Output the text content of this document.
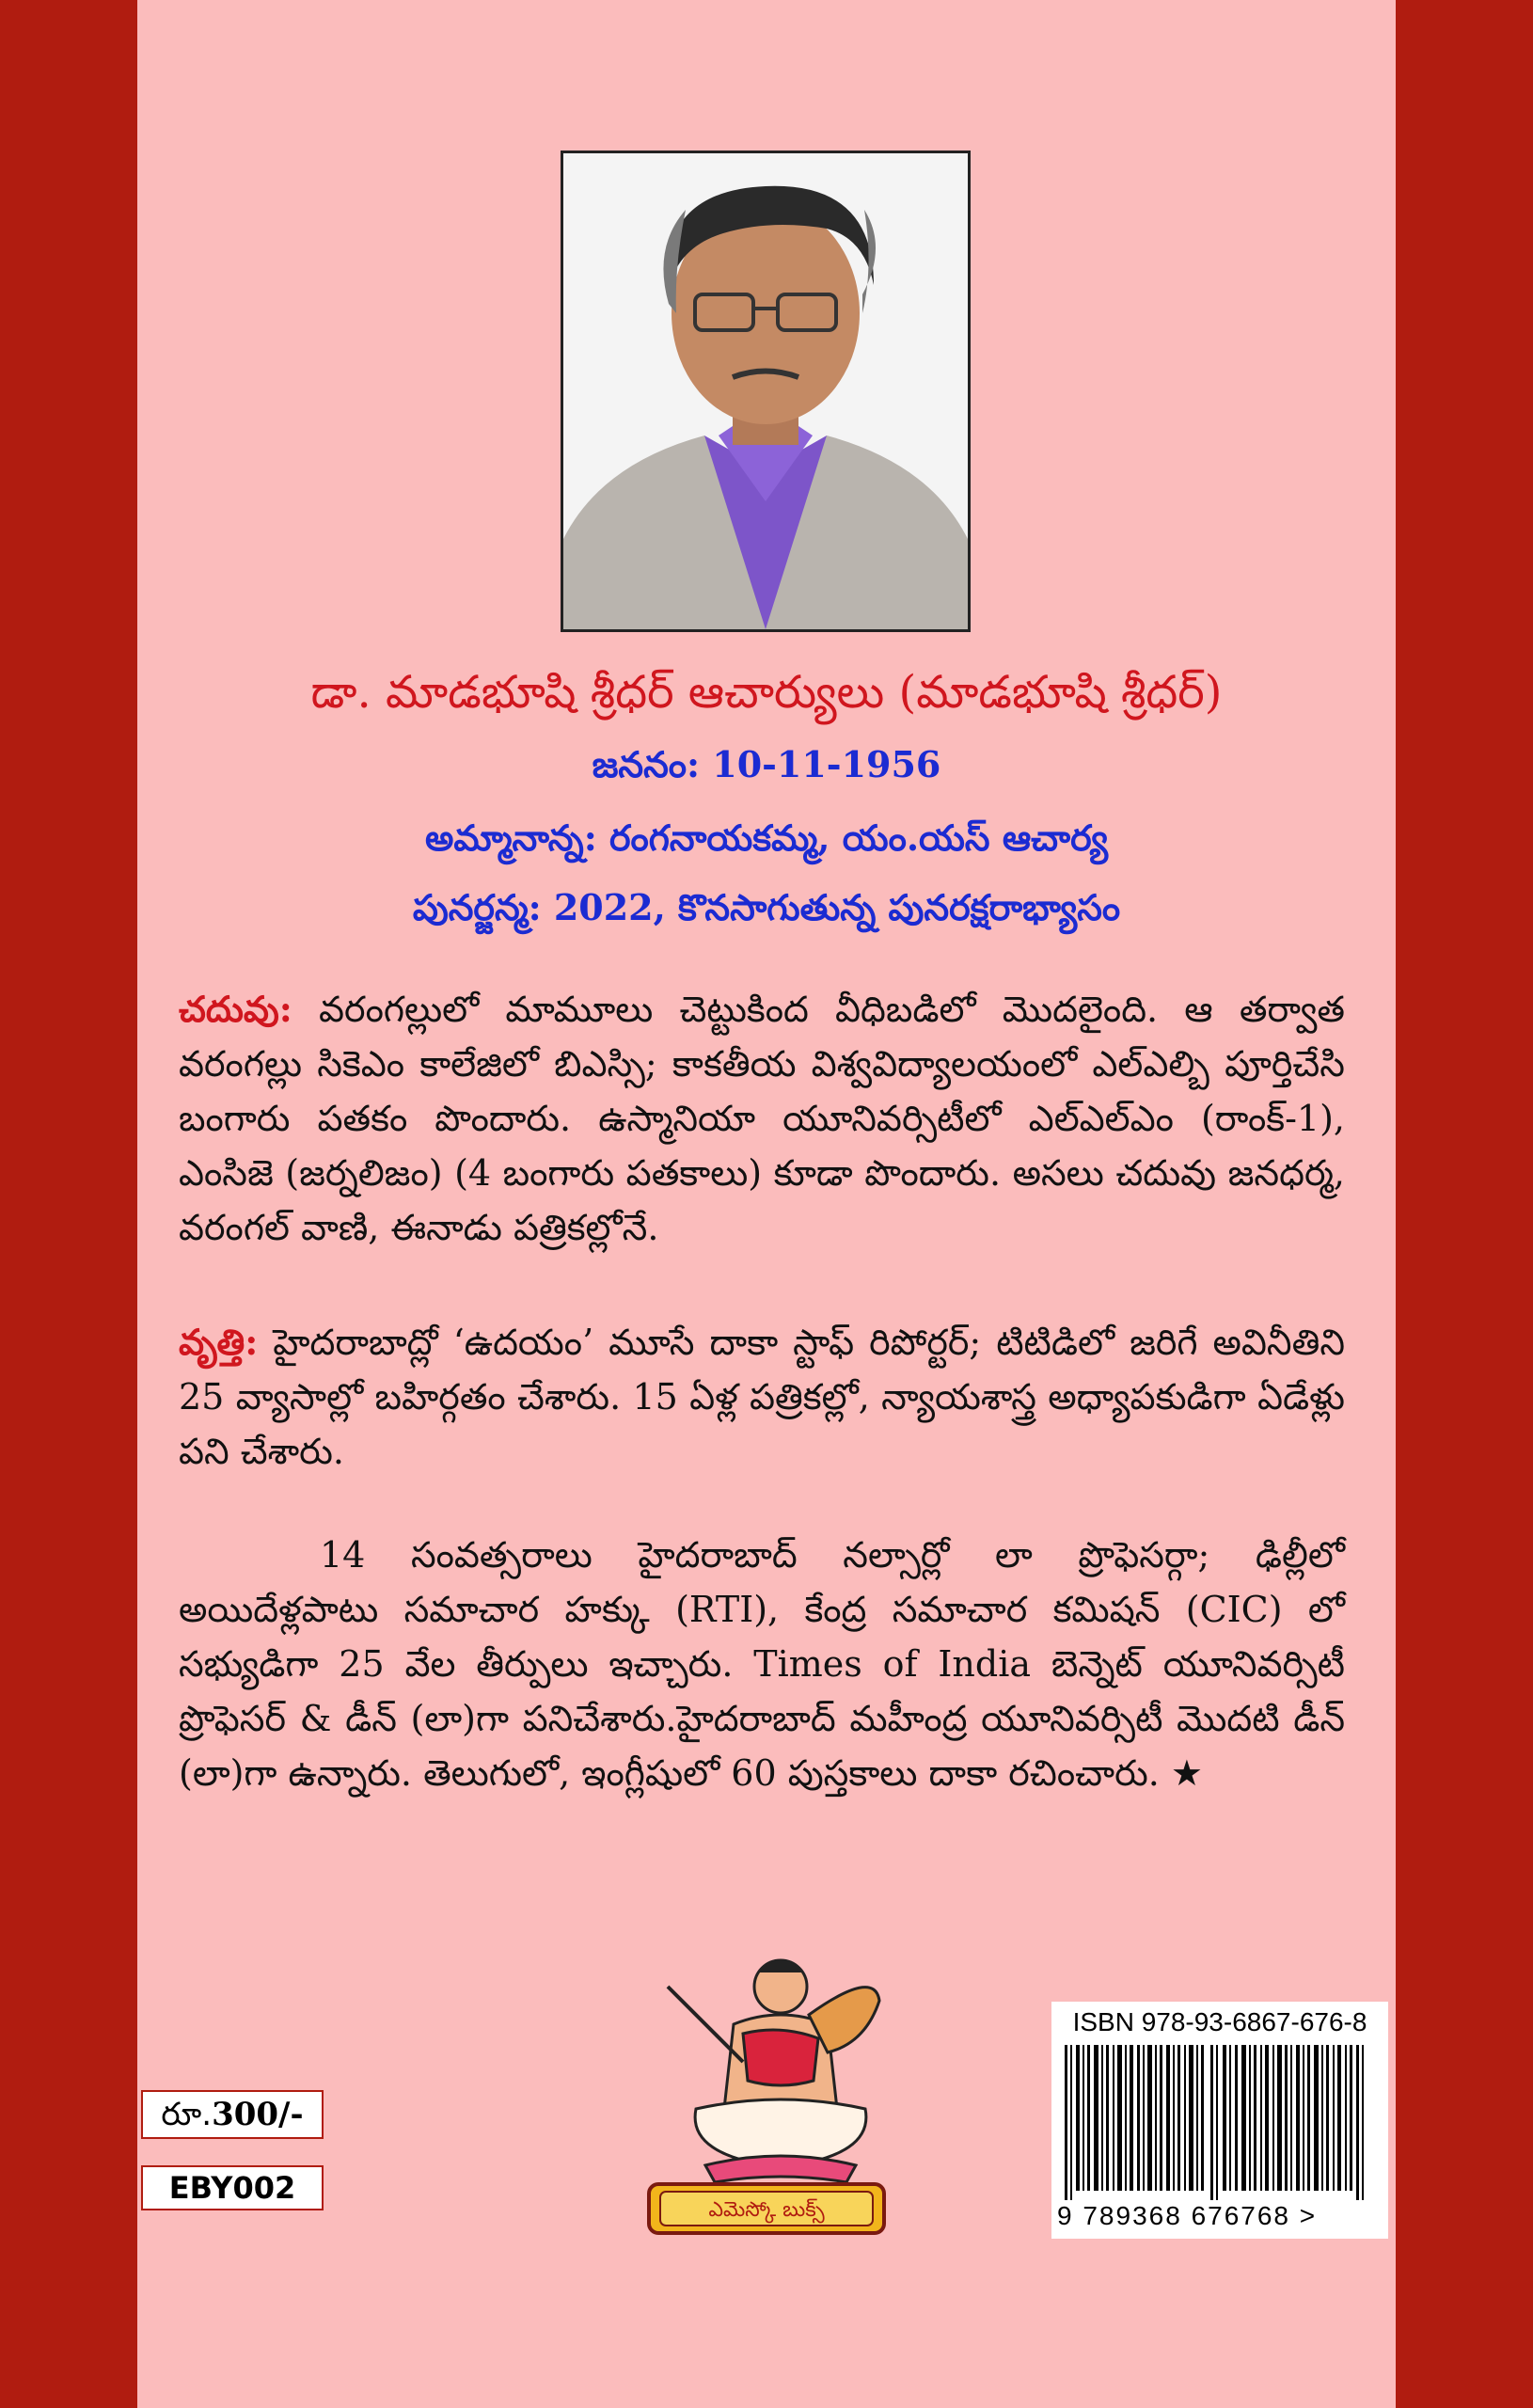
డా. మాడభూషి శ్రీధర్ ఆచార్యులు (మాడభూషి శ్రీధర్)
జననం: 10-11-1956
అమ్మానాన్న: రంగనాయకమ్మ, యం.యస్ ఆచార్య
పునర్జన్మ: 2022, కొనసాగుతున్న పునరక్షరాభ్యాసం
చదువు: వరంగల్లులో మామూలు చెట్టుకింద వీధిబడిలో మొదలైంది. ఆ తర్వాత వరంగల్లు సికెఎం కాలేజిలో బిఎస్సి; కాకతీయ విశ్వవిద్యాలయంలో ఎల్ఎల్బి పూర్తిచేసి బంగారు పతకం పొందారు. ఉస్మానియా యూనివర్సిటీలో ఎల్ఎల్ఎం (రాంక్-1), ఎంసిజె (జర్నలిజం) (4 బంగారు పతకాలు) కూడా పొందారు. అసలు చదువు జనధర్మ, వరంగల్ వాణి, ఈనాడు పత్రికల్లోనే.
వృత్తి: హైదరాబాద్లో ‘ఉదయం’ మూసే దాకా స్టాఫ్ రిపోర్టర్; టిటిడిలో జరిగే అవినీతిని 25 వ్యాసాల్లో బహిర్గతం చేశారు. 15 ఏళ్ల పత్రికల్లో, న్యాయశాస్త్ర అధ్యాపకుడిగా ఏడేళ్లు పని చేశారు.
14 సంవత్సరాలు హైదరాబాద్ నల్సార్లో లా ప్రొఫెసర్గా; ఢిల్లీలో అయిదేళ్లపాటు సమాచార హక్కు (RTI), కేంద్ర సమాచార కమిషన్ (CIC) లో సభ్యుడిగా 25 వేల తీర్పులు ఇచ్చారు. Times of India బెన్నెట్ యూనివర్సిటీ ప్రొఫెసర్ & డీన్ (లా)గా పనిచేశారు.హైదరాబాద్ మహీంద్ర యూనివర్సిటీ మొదటి డీన్ (లా)గా ఉన్నారు. తెలుగులో, ఇంగ్లీషులో 60 పుస్తకాలు దాకా రచించారు. ★
రూ.300/-
EBY002
ఎమెస్కో బుక్స్
ISBN 978-93-6867-676-8
9 789368 676768 >
